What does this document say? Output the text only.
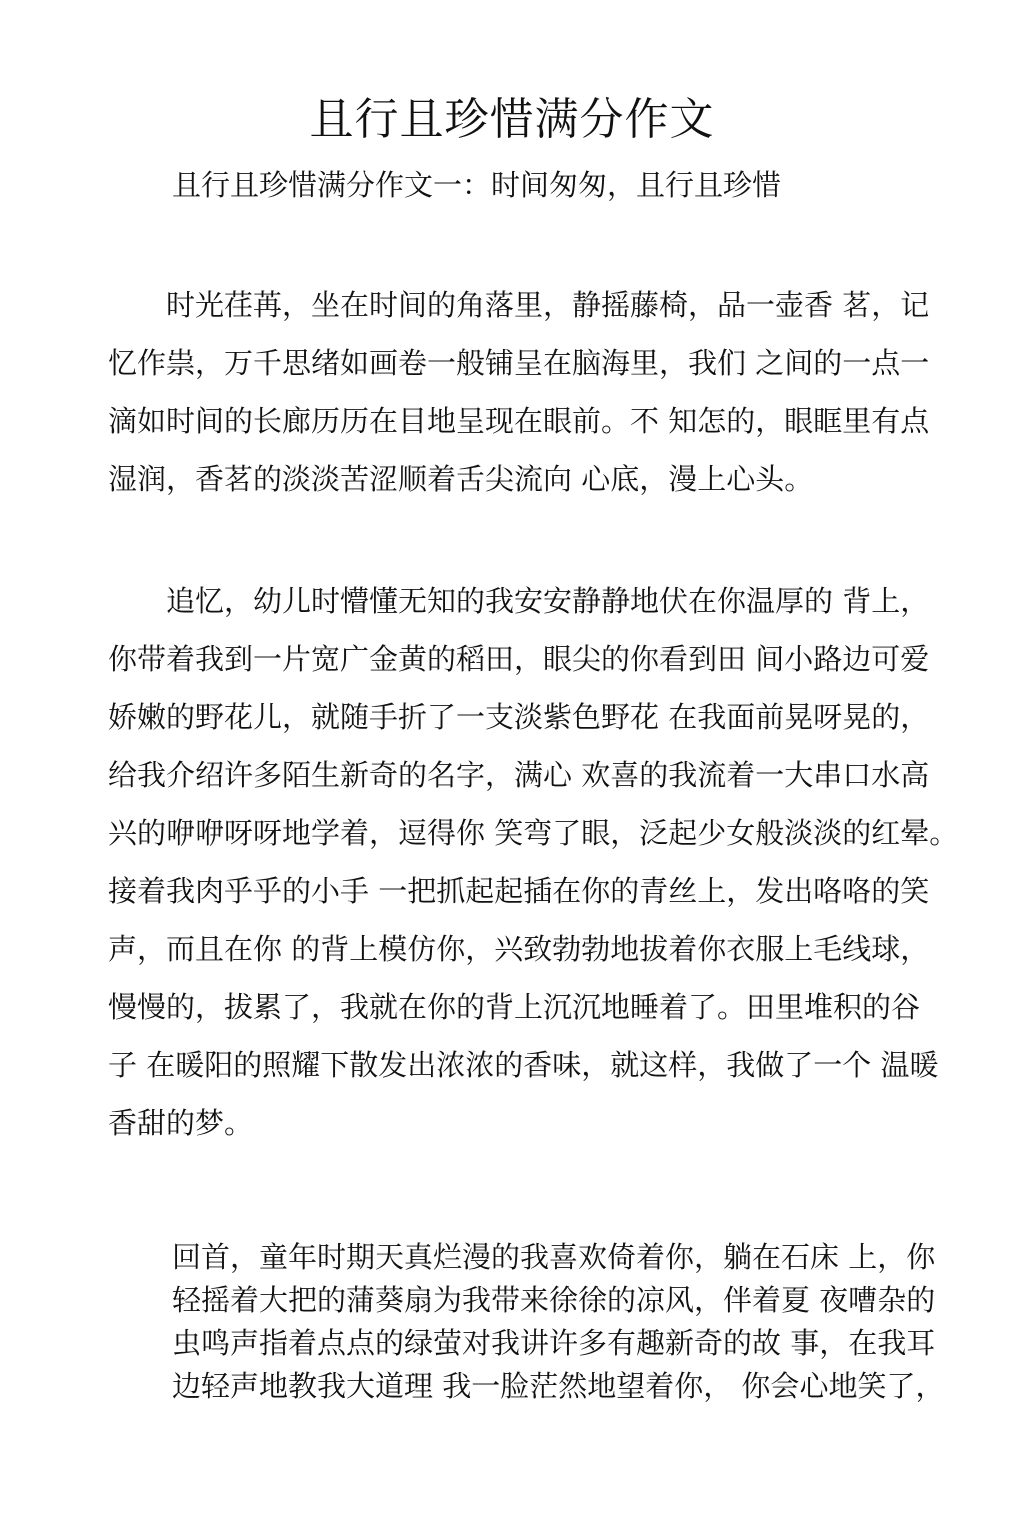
且行且珍惜满分作文

且行且珍惜满分作文一：时间匆匆，且行且珍惜

　　时光荏苒，坐在时间的角落里，静摇藤椅，品一壶香 茗，记
忆作祟，万千思绪如画卷一般铺呈在脑海里，我们 之间的一点一
滴如时间的长廊历历在目地呈现在眼前。不 知怎的，眼眶里有点
湿润，香茗的淡淡苦涩顺着舌尖流向 心底，漫上心头。
　　追忆，幼儿时懵懂无知的我安安静静地伏在你温厚的 背上，
你带着我到一片宽广金黄的稻田，眼尖的你看到田 间小路边可爱
娇嫩的野花儿，就随手折了一支淡紫色野花 在我面前晃呀晃的，
给我介绍许多陌生新奇的名字，满心 欢喜的我流着一大串口水高
兴的咿咿呀呀地学着，逗得你 笑弯了眼，泛起少女般淡淡的红晕。
接着我肉乎乎的小手 一把抓起起插在你的青丝上，发出咯咯的笑
声，而且在你 的背上模仿你，兴致勃勃地拔着你衣服上毛线球，
慢慢的，拔累了，我就在你的背上沉沉地睡着了。田里堆积的谷
子 在暖阳的照耀下散发出浓浓的香味，就这样，我做了一个 温暖
香甜的梦。
回首，童年时期天真烂漫的我喜欢倚着你，躺在石床 上，你
轻摇着大把的蒲葵扇为我带来徐徐的凉风，伴着夏 夜嘈杂的
虫鸣声指着点点的绿萤对我讲许多有趣新奇的故 事，在我耳
边轻声地教我大道理 我一脸茫然地望着你， 你会心地笑了，
